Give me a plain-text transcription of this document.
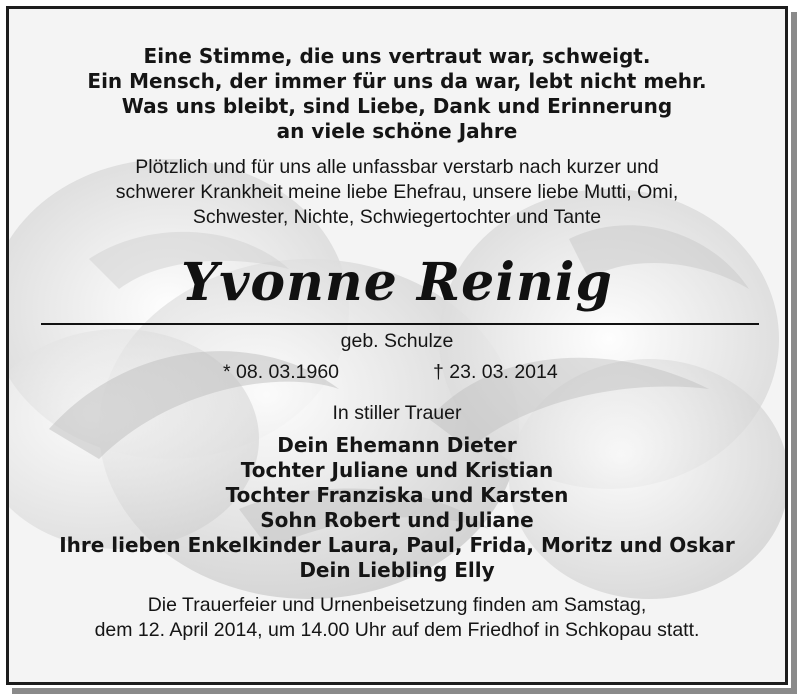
Eine Stimme, die uns vertraut war, schweigt.
Ein Mensch, der immer für uns da war, lebt nicht mehr.
Was uns bleibt, sind Liebe, Dank und Erinnerung
an viele schöne Jahre
Plötzlich und für uns alle unfassbar verstarb nach kurzer und
schwerer Krankheit meine liebe Ehefrau, unsere liebe Mutti, Omi,
Schwester, Nichte, Schwiegertochter und Tante
Yvonne Reinig
geb. Schulze
* 08. 03.1960	† 23. 03. 2014
In stiller Trauer
Dein Ehemann Dieter
Tochter Juliane und Kristian
Tochter Franziska und Karsten
Sohn Robert und Juliane
Ihre lieben Enkelkinder Laura, Paul, Frida, Moritz und Oskar
Dein Liebling Elly
Die Trauerfeier und Urnenbeisetzung finden am Samstag,
dem 12. April 2014, um 14.00 Uhr auf dem Friedhof in Schkopau statt.
